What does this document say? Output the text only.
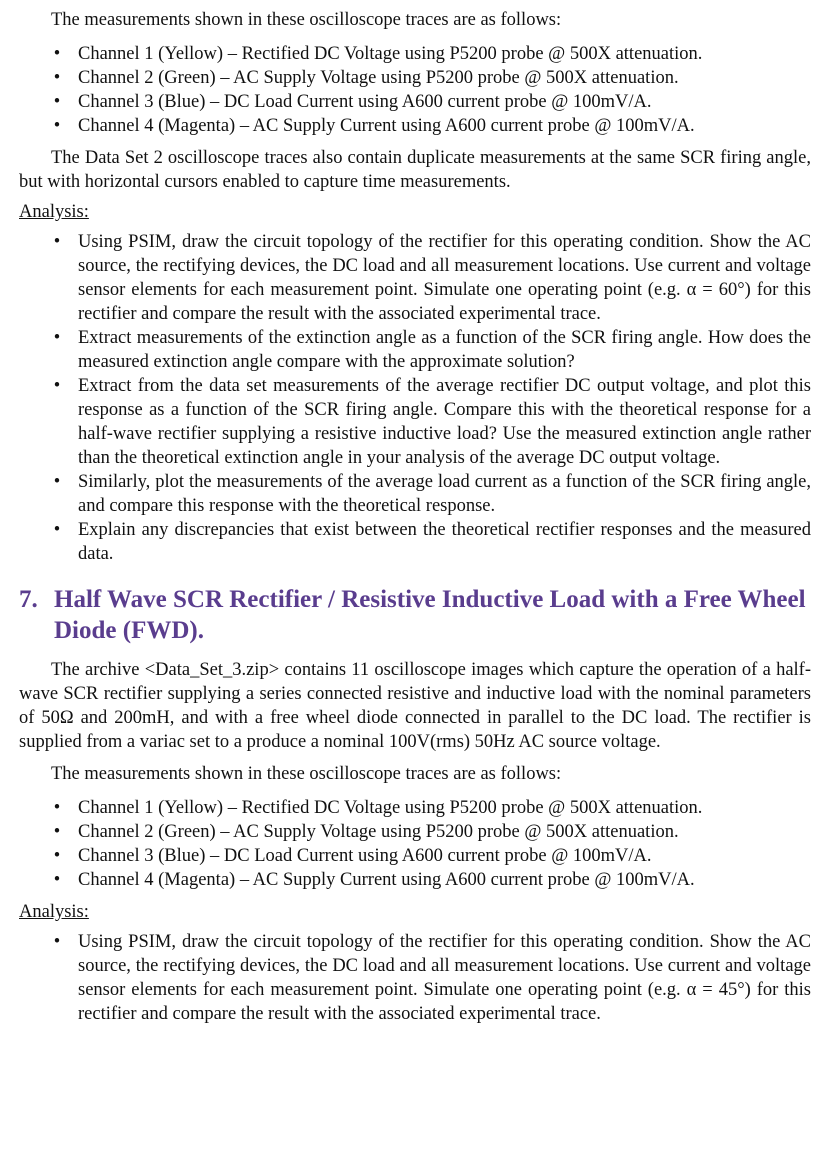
The measurements shown in these oscilloscope traces are as follows:

• Channel 1 (Yellow) – Rectified DC Voltage using P5200 probe @ 500X attenuation.
• Channel 2 (Green) – AC Supply Voltage using P5200 probe @ 500X attenuation.
• Channel 3 (Blue) – DC Load Current using A600 current probe @ 100mV/A.
• Channel 4 (Magenta) – AC Supply Current using A600 current probe @ 100mV/A.

The Data Set 2 oscilloscope traces also contain duplicate measurements at the same SCR firing angle, but with horizontal cursors enabled to capture time measurements.

Analysis:

• Using PSIM, draw the circuit topology of the rectifier for this operating condition. Show the AC source, the rectifying devices, the DC load and all measurement locations. Use current and voltage sensor elements for each measurement point. Simulate one operating point (e.g. α = 60°) for this rectifier and compare the result with the associated experimental trace.
• Extract measurements of the extinction angle as a function of the SCR firing angle. How does the measured extinction angle compare with the approximate solution?
• Extract from the data set measurements of the average rectifier DC output voltage, and plot this response as a function of the SCR firing angle. Compare this with the theoretical response for a half-wave rectifier supplying a resistive inductive load? Use the measured extinction angle rather than the theoretical extinction angle in your analysis of the average DC output voltage.
• Similarly, plot the measurements of the average load current as a function of the SCR firing angle, and compare this response with the theoretical response.
• Explain any discrepancies that exist between the theoretical rectifier responses and the measured data.
7. Half Wave SCR Rectifier / Resistive Inductive Load with a Free Wheel Diode (FWD).

The archive <Data_Set_3.zip> contains 11 oscilloscope images which capture the operation of a half-wave SCR rectifier supplying a series connected resistive and inductive load with the nominal parameters of 50Ω and 200mH, and with a free wheel diode connected in parallel to the DC load. The rectifier is supplied from a variac set to a produce a nominal 100V(rms) 50Hz AC source voltage.

The measurements shown in these oscilloscope traces are as follows:

• Channel 1 (Yellow) – Rectified DC Voltage using P5200 probe @ 500X attenuation.
• Channel 2 (Green) – AC Supply Voltage using P5200 probe @ 500X attenuation.
• Channel 3 (Blue) – DC Load Current using A600 current probe @ 100mV/A.
• Channel 4 (Magenta) – AC Supply Current using A600 current probe @ 100mV/A.

Analysis:

• Using PSIM, draw the circuit topology of the rectifier for this operating condition. Show the AC source, the rectifying devices, the DC load and all measurement locations. Use current and voltage sensor elements for each measurement point. Simulate one operating point (e.g. α = 45°) for this rectifier and compare the result with the associated experimental trace.
